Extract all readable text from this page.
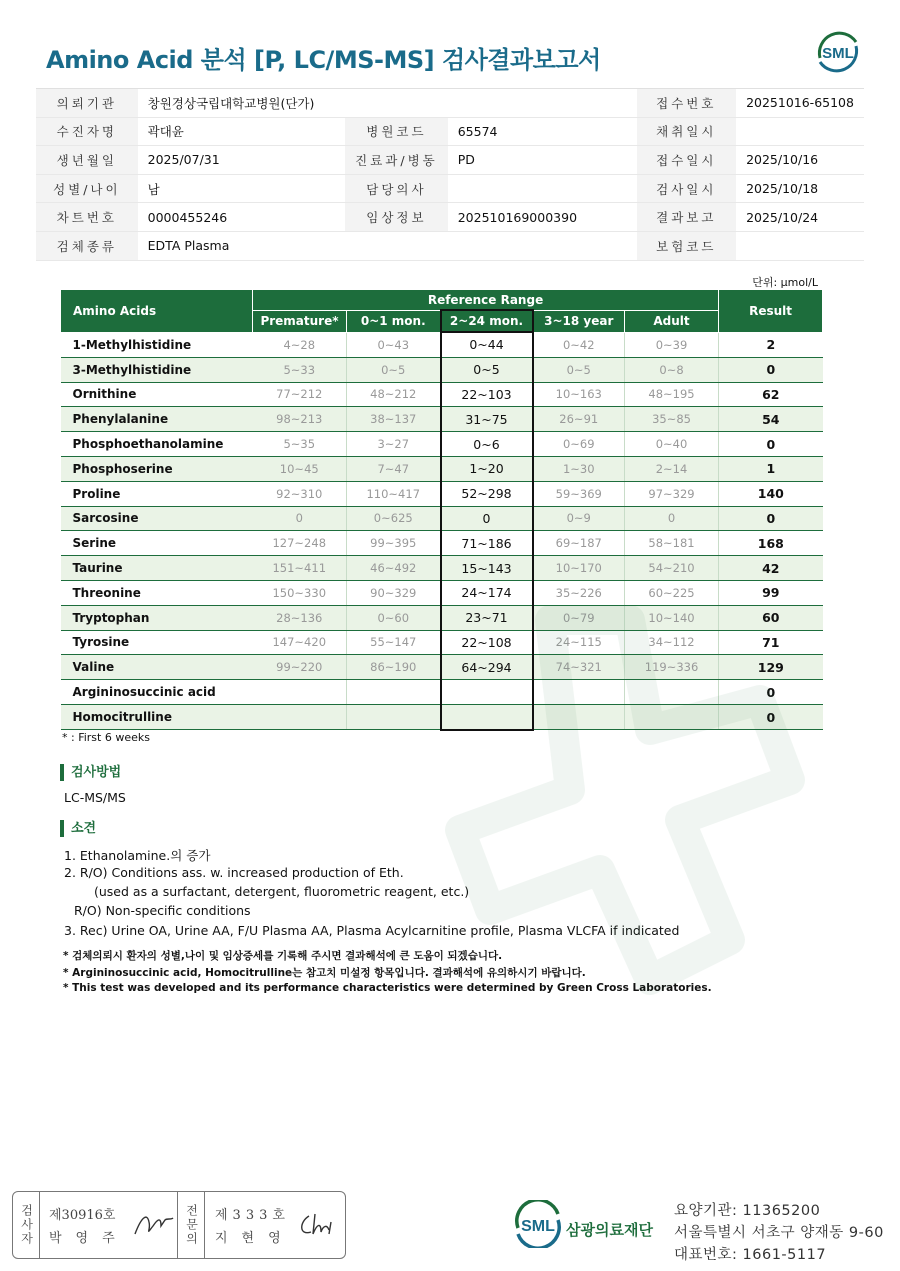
Amino Acid 분석 [P, LC/MS-MS] 검사결과보고서	SML
의뢰기관	창원경상국립대학교병원(단가)			접수번호	20251016-65108
수진자명	곽대윤	병원코드	65574	채취일시	
생년월일	2025/07/31	진료과/병동	PD	접수일시	2025/10/16
성별/나이	남	담당의사		검사일시	2025/10/18
차트번호	0000455246	임상정보	202510169000390	결과보고	2025/10/24
검체종류	EDTA Plasma			보험코드	
단위: μmol/L
Amino Acids	Reference Range					Result
	Premature*	0~1 mon.	2~24 mon.	3~18 year	Adult	
1-Methylhistidine	4~28	0~43	0~44	0~42	0~39	2
3-Methylhistidine	5~33	0~5	0~5	0~5	0~8	0
Ornithine	77~212	48~212	22~103	10~163	48~195	62
Phenylalanine	98~213	38~137	31~75	26~91	35~85	54
Phosphoethanolamine	5~35	3~27	0~6	0~69	0~40	0
Phosphoserine	10~45	7~47	1~20	1~30	2~14	1
Proline	92~310	110~417	52~298	59~369	97~329	140
Sarcosine	0	0~625	0	0~9	0	0
Serine	127~248	99~395	71~186	69~187	58~181	168
Taurine	151~411	46~492	15~143	10~170	54~210	42
Threonine	150~330	90~329	24~174	35~226	60~225	99
Tryptophan	28~136	0~60	23~71	0~79	10~140	60
Tyrosine	147~420	55~147	22~108	24~115	34~112	71
Valine	99~220	86~190	64~294	74~321	119~336	129
Argininosuccinic acid						0
Homocitrulline						0
* : First 6 weeks
검사방법
LC-MS/MS
소견
1. Ethanolamine.의 증가
2. R/O) Conditions ass. w. increased production of Eth.
(used as a surfactant, detergent, fluorometric reagent, etc.)
R/O) Non-specific conditions
3. Rec) Urine OA, Urine AA, F/U Plasma AA, Plasma Acylcarnitine profile, Plasma VLCFA if indicated
* 검체의뢰시 환자의 성별,나이 및 임상증세를 기록해 주시면 결과해석에 큰 도움이 되겠습니다.
* Argininosuccinic acid, Homocitrulline는 참고치 미설정 항목입니다. 결과해석에 유의하시기 바랍니다.
* This test was developed and its performance characteristics were determined by Green Cross Laboratories.
검사자 제30916호
박영주	전문의 제333호
지현영
SML 삼광의료재단
요양기관: 11365200
서울특별시 서초구 양재동 9-60
대표번호: 1661-5117
